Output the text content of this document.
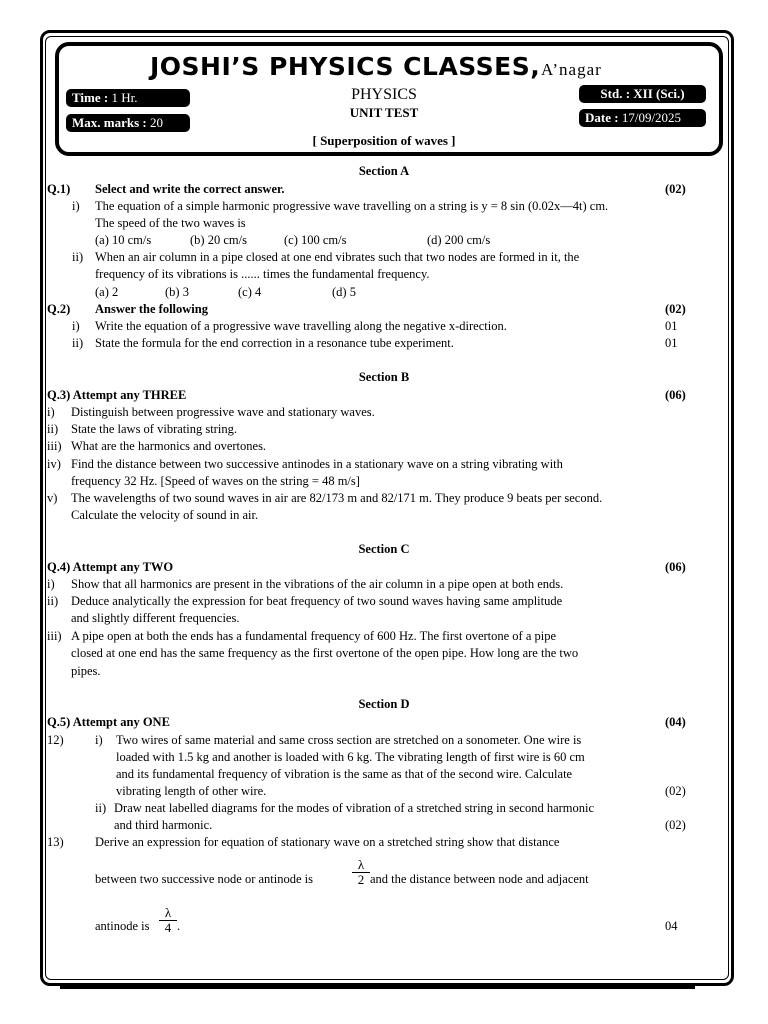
JOSHI’S PHYSICS CLASSES, A’nagar
Time : 1 Hr.
Max. marks : 20
Std. : XII (Sci.)
Date : 17/09/2025
PHYSICS
UNIT TEST
[ Superposition of waves ]
Section A
Q.1) Select and write the correct answer.	(02)
i) The equation of a simple harmonic progressive wave travelling on a string is y = 8 sin (0.02x—4t) cm.
The speed of the two waves is
(a) 10 cm/s	(b) 20 cm/s	(c) 100 cm/s	(d) 200 cm/s
ii) When an air column in a pipe closed at one end vibrates such that two nodes are formed in it, the
frequency of its vibrations is ...... times the fundamental frequency.
(a) 2	(b) 3	(c) 4	(d) 5
Q.2) Answer the following	(02)
i) Write the equation of a progressive wave travelling along the negative x-direction.	01
ii) State the formula for the end correction in a resonance tube experiment.	01
Section B
Q.3) Attempt any THREE	(06)
i) Distinguish between progressive wave and stationary waves.
ii) State the laws of vibrating string.
iii) What are the harmonics and overtones.
iv) Find the distance between two successive antinodes in a stationary wave on a string vibrating with
frequency 32 Hz. [Speed of waves on the string = 48 m/s]
v) The wavelengths of two sound waves in air are 82/173 m and 82/171 m. They produce 9 beats per second.
Calculate the velocity of sound in air.
Section C
Q.4) Attempt any TWO	(06)
i) Show that all harmonics are present in the vibrations of the air column in a pipe open at both ends.
ii) Deduce analytically the expression for beat frequency of two sound waves having same amplitude
and slightly different frequencies.
iii) A pipe open at both the ends has a fundamental frequency of 600 Hz. The first overtone of a pipe
closed at one end has the same frequency as the first overtone of the open pipe. How long are the two
pipes.
Section D
Q.5) Attempt any ONE	(04)
12)	i) Two wires of same material and same cross section are stretched on a sonometer. One wire is
loaded with 1.5 kg and another is loaded with 6 kg. The vibrating length of first wire is 60 cm
and its fundamental frequency of vibration is the same as that of the second wire. Calculate
vibrating length of other wire.	(02)
ii) Draw neat labelled diagrams for the modes of vibration of a stretched string in second harmonic
and third harmonic.	(02)
13)	Derive an expression for equation of stationary wave on a stretched string show that distance
between two successive node or antinode is	$\frac{\lambda}{2}$ and the distance between node and adjacent
antinode is $\frac{\lambda}{4}$ .	04
